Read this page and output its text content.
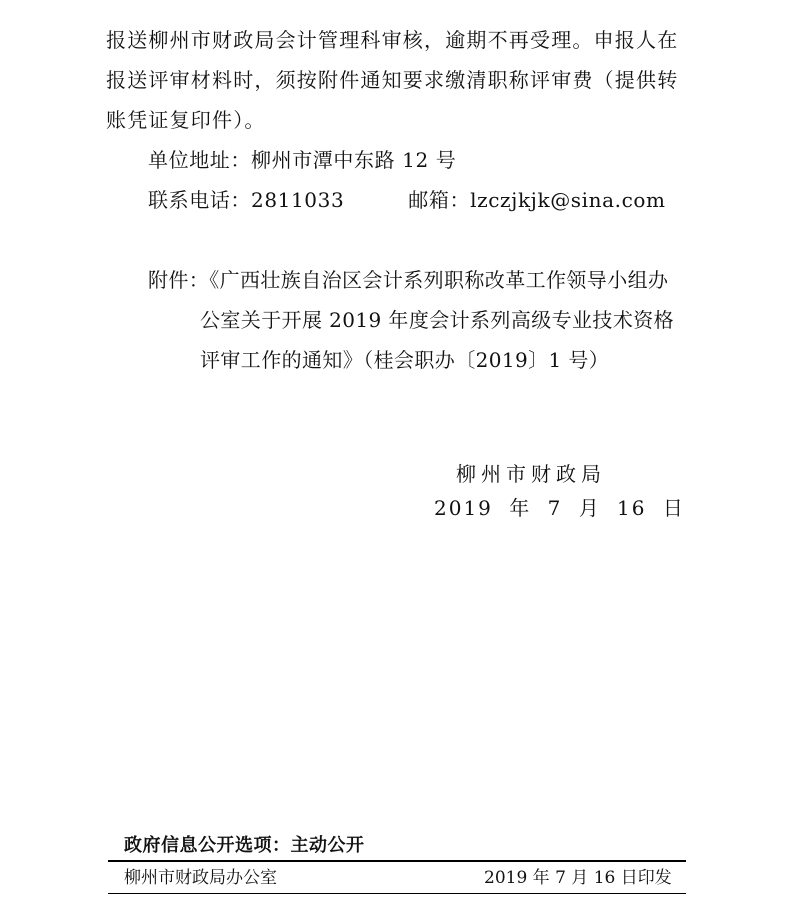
报送柳州市财政局会计管理科审核，逾期不再受理。申报人在
报送评审材料时，须按附件通知要求缴清职称评审费（提供转
账凭证复印件）。
单位地址：柳州市潭中东路 12 号
联系电话：2811033	邮箱：lzczjkjk@sina.com
附件：《广西壮族自治区会计系列职称改革工作领导小组办
公室关于开展 2019 年度会计系列高级专业技术资格
评审工作的通知》（桂会职办〔2019〕1 号）
柳州市财政局
2019 年 7 月 16 日
政府信息公开选项：主动公开
柳州市财政局办公室	2019 年 7 月 16 日印发
